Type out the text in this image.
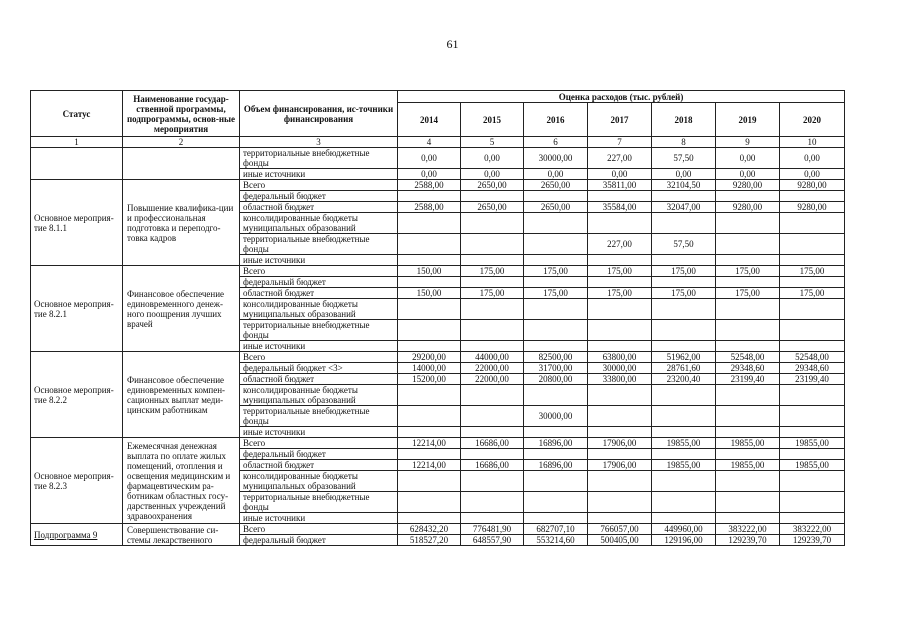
61
Статус	Наименование государ-ственной программы, подпрограммы, основ-ные мероприятия	Объем финансирования, ис-точники финансирования	Оценка расходов (тыс. рублей)						
			2014	2015	2016	2017	2018	2019	2020
1	2	3	4	5	6	7	8	9	10
		территориальные внебюджетные фонды	0,00	0,00	30000,00	227,00	57,50	0,00	0,00
		иные источники	0,00	0,00	0,00	0,00	0,00	0,00	0,00
Основное мероприя-тие 8.1.1	Повышение квалифика-ции и профессиональная подготовка и переподго-товка кадров	Всего	2588,00	2650,00	2650,00	35811,00	32104,50	9280,00	9280,00
		федеральный бюджет							
		областной бюджет	2588,00	2650,00	2650,00	35584,00	32047,00	9280,00	9280,00
		консолидированные бюджеты муниципальных образований							
		территориальные внебюджетные фонды				227,00	57,50		
		иные источники							
Основное мероприя-тие 8.2.1	Финансовое обеспечение единовременного денеж-ного поощрения лучших врачей	Всего	150,00	175,00	175,00	175,00	175,00	175,00	175,00
		федеральный бюджет							
		областной бюджет	150,00	175,00	175,00	175,00	175,00	175,00	175,00
		консолидированные бюджеты муниципальных образований							
		территориальные внебюджетные фонды							
		иные источники							
Основное мероприя-тие 8.2.2	Финансовое обеспечение единовременных компен-сационных выплат меди-цинским работникам	Всего	29200,00	44000,00	82500,00	63800,00	51962,00	52548,00	52548,00
		федеральный бюджет <3>	14000,00	22000,00	31700,00	30000,00	28761,60	29348,60	29348,60
		областной бюджет	15200,00	22000,00	20800,00	33800,00	23200,40	23199,40	23199,40
		консолидированные бюджеты муниципальных образований							
		территориальные внебюджетные фонды			30000,00				
		иные источники							
Основное мероприя-тие 8.2.3	Ежемесячная денежная выплата по оплате жилых помещений, отопления и освещения медицинским и фармацевтическим ра-ботникам областных госу-дарственных учреждений здравоохранения	Всего	12214,00	16686,00	16896,00	17906,00	19855,00	19855,00	19855,00
		федеральный бюджет							
		областной бюджет	12214,00	16686,00	16896,00	17906,00	19855,00	19855,00	19855,00
		консолидированные бюджеты муниципальных образований							
		территориальные внебюджетные фонды							
		иные источники							
Подпрограмма 9	Совершенствование си-стемы лекарственного	Всего	628432,20	776481,90	682707,10	766057,00	449960,00	383222,00	383222,00
		федеральный бюджет	518527,20	648557,90	553214,60	500405,00	129196,00	129239,70	129239,70
